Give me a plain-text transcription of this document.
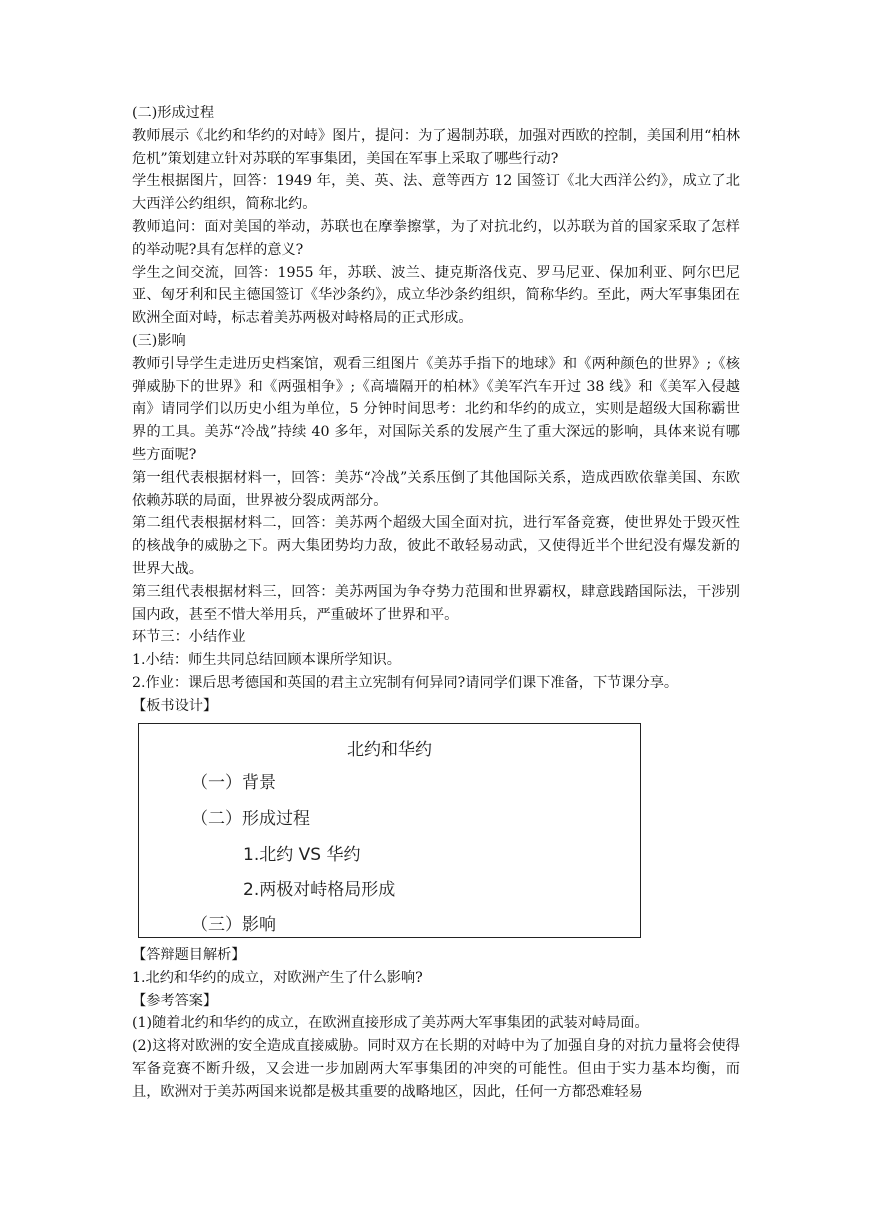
(二)形成过程

教师展示《北约和华约的对峙》图片，提问：为了遏制苏联，加强对西欧的控制，美国利用“柏林危机”策划建立针对苏联的军事集团，美国在军事上采取了哪些行动?

学生根据图片，回答：1949 年，美、英、法、意等西方 12 国签订《北大西洋公约》，成立了北大西洋公约组织，简称北约。

教师追问：面对美国的举动，苏联也在摩拳擦掌，为了对抗北约，以苏联为首的国家采取了怎样的举动呢?具有怎样的意义?

学生之间交流，回答：1955 年，苏联、波兰、捷克斯洛伐克、罗马尼亚、保加利亚、阿尔巴尼亚、匈牙利和民主德国签订《华沙条约》，成立华沙条约组织，简称华约。至此，两大军事集团在欧洲全面对峙，标志着美苏两极对峙格局的正式形成。

(三)影响

教师引导学生走进历史档案馆，观看三组图片《美苏手指下的地球》和《两种颜色的世界》;《核弹威胁下的世界》和《两强相争》;《高墙隔开的柏林》《美军汽车开过 38 线》和《美军入侵越南》请同学们以历史小组为单位，5 分钟时间思考：北约和华约的成立，实则是超级大国称霸世界的工具。美苏“冷战”持续 40 多年，对国际关系的发展产生了重大深远的影响，具体来说有哪些方面呢?

第一组代表根据材料一，回答：美苏“冷战”关系压倒了其他国际关系，造成西欧依靠美国、东欧依赖苏联的局面，世界被分裂成两部分。

第二组代表根据材料二，回答：美苏两个超级大国全面对抗，进行军备竞赛，使世界处于毁灭性的核战争的威胁之下。两大集团势均力敌，彼此不敢轻易动武，又使得近半个世纪没有爆发新的世界大战。

第三组代表根据材料三，回答：美苏两国为争夺势力范围和世界霸权，肆意践踏国际法，干涉别国内政，甚至不惜大举用兵，严重破坏了世界和平。

环节三：小结作业

1.小结：师生共同总结回顾本课所学知识。

2.作业：课后思考德国和英国的君主立宪制有何异同?请同学们课下准备，下节课分享。

【板书设计】

北约和华约
（一）背景
（二）形成过程
1.北约 VS 华约
2.两极对峙格局形成
（三）影响

【答辩题目解析】

1.北约和华约的成立，对欧洲产生了什么影响?

【参考答案】

(1)随着北约和华约的成立，在欧洲直接形成了美苏两大军事集团的武装对峙局面。

(2)这将对欧洲的安全造成直接威胁。同时双方在长期的对峙中为了加强自身的对抗力量将会使得军备竞赛不断升级，又会进一步加剧两大军事集团的冲突的可能性。但由于实力基本均衡，而且，欧洲对于美苏两国来说都是极其重要的战略地区，因此，任何一方都恐难轻易
